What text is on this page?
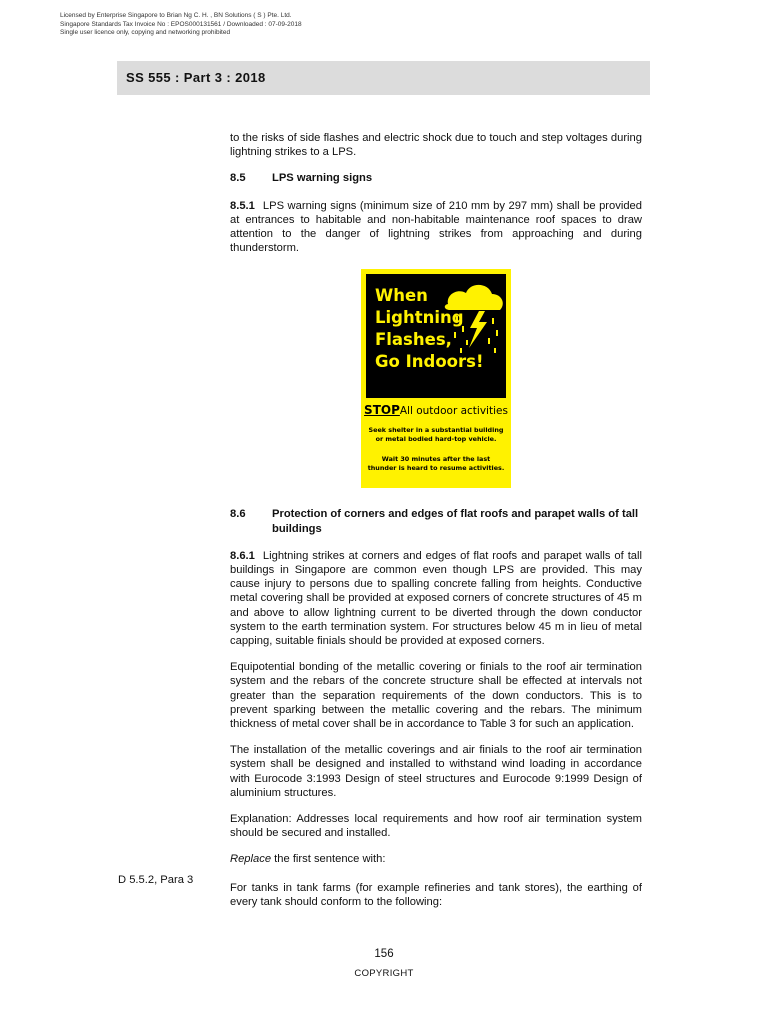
Licensed by Enterprise Singapore to Brian Ng C. H. , BN Solutions ( S ) Pte. Ltd.
Singapore Standards Tax Invoice No : EPOS000131561 / Downloaded : 07-09-2018
Single user licence only, copying and networking prohibited
SS 555 : Part 3 : 2018

to the risks of side flashes and electric shock due to touch and step voltages during lightning strikes to a LPS.

8.5	LPS warning signs

8.5.1 LPS warning signs (minimum size of 210 mm by 297 mm) shall be provided at entrances to habitable and non-habitable maintenance roof spaces to draw attention to the danger of lightning strikes from approaching and during thunderstorm.

When
Lightning
Flashes,
Go Indoors!
STOPAll outdoor activities
Seek shelter in a substantial building or metal bodied hard-top vehicle.
Wait 30 minutes after the last thunder is heard to resume activities.
8.6	Protection of corners and edges of flat roofs and parapet walls of tall buildings

8.6.1 Lightning strikes at corners and edges of flat roofs and parapet walls of tall buildings in Singapore are common even though LPS are provided. This may cause injury to persons due to spalling concrete falling from heights. Conductive metal covering shall be provided at exposed corners of concrete structures of 45 m and above to allow lightning current to be diverted through the down conductor system to the earth termination system. For structures below 45 m in lieu of metal capping, suitable finials should be provided at exposed corners.

Equipotential bonding of the metallic covering or finials to the roof air termination system and the rebars of the concrete structure shall be effected at intervals not greater than the separation requirements of the down conductors. This is to prevent sparking between the metallic covering and the rebars. The minimum thickness of metal cover shall be in accordance to Table 3 for such an application.

The installation of the metallic coverings and air finials to the roof air termination system shall be designed and installed to withstand wind loading in accordance with Eurocode 3:1993 Design of steel structures and Eurocode 9:1999 Design of aluminium structures.

Explanation: Addresses local requirements and how roof air termination system should be secured and installed.

Replace the first sentence with:

For tanks in tank farms (for example refineries and tank stores), the earthing of every tank should conform to the following:

D 5.5.2, Para 3
156
COPYRIGHT
